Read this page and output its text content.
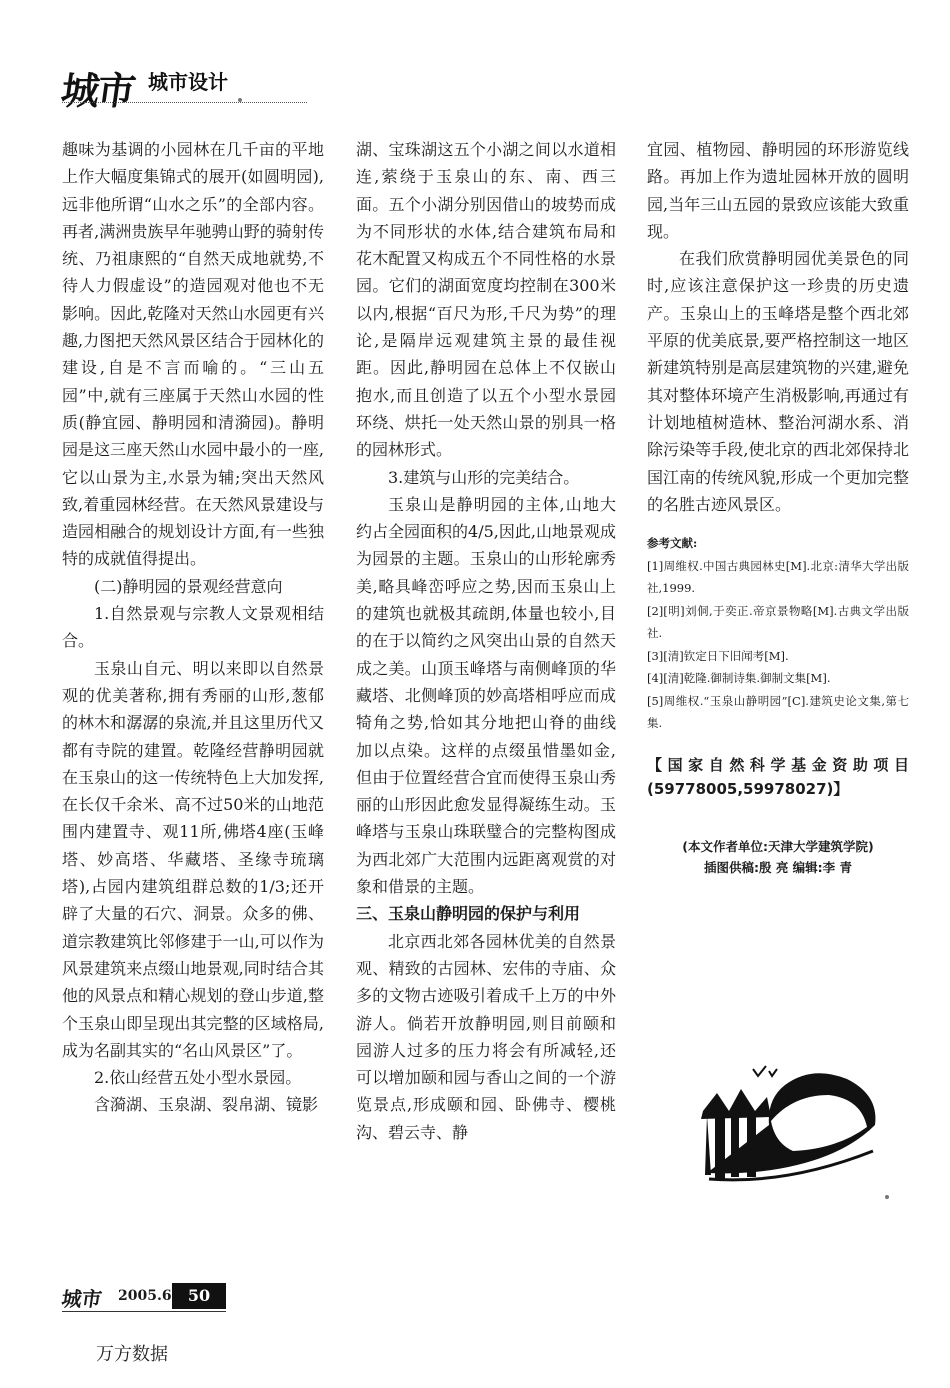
城市 城市设计

趣味为基调的小园林在几千亩的平地上作大幅度集锦式的展开(如圆明园),远非他所谓“山水之乐”的全部内容。再者,满洲贵族早年驰骋山野的骑射传统、乃祖康熙的“自然天成地就势,不待人力假虚设”的造园观对他也不无影响。因此,乾隆对天然山水园更有兴趣,力图把天然风景区结合于园林化的建设,自是不言而喻的。“三山五园”中,就有三座属于天然山水园的性质(静宜园、静明园和清漪园)。静明园是这三座天然山水园中最小的一座,它以山景为主,水景为辅;突出天然风致,着重园林经营。在天然风景建设与造园相融合的规划设计方面,有一些独特的成就值得提出。

(二)静明园的景观经营意向

1.自然景观与宗教人文景观相结合。

玉泉山自元、明以来即以自然景观的优美著称,拥有秀丽的山形,葱郁的林木和潺潺的泉流,并且这里历代又都有寺院的建置。乾隆经营静明园就在玉泉山的这一传统特色上大加发挥,在长仅千余米、高不过50米的山地范围内建置寺、观11所,佛塔4座(玉峰塔、妙高塔、华藏塔、圣缘寺琉璃塔),占园内建筑组群总数的1/3;还开辟了大量的石穴、洞景。众多的佛、道宗教建筑比邻修建于一山,可以作为风景建筑来点缀山地景观,同时结合其他的风景点和精心规划的登山步道,整个玉泉山即呈现出其完整的区域格局,成为名副其实的“名山风景区”了。

2.依山经营五处小型水景园。

含漪湖、玉泉湖、裂帛湖、镜影

湖、宝珠湖这五个小湖之间以水道相连,萦绕于玉泉山的东、南、西三面。五个小湖分别因借山的坡势而成为不同形状的水体,结合建筑布局和花木配置又构成五个不同性格的水景园。它们的湖面宽度均控制在300米以内,根据“百尺为形,千尺为势”的理论,是隔岸远观建筑主景的最佳视距。因此,静明园在总体上不仅嵌山抱水,而且创造了以五个小型水景园环绕、烘托一处天然山景的别具一格的园林形式。

3.建筑与山形的完美结合。

玉泉山是静明园的主体,山地大约占全园面积的4/5,因此,山地景观成为园景的主题。玉泉山的山形轮廓秀美,略具峰峦呼应之势,因而玉泉山上的建筑也就极其疏朗,体量也较小,目的在于以简约之风突出山景的自然天成之美。山顶玉峰塔与南侧峰顶的华藏塔、北侧峰顶的妙高塔相呼应而成犄角之势,恰如其分地把山脊的曲线加以点染。这样的点缀虽惜墨如金,但由于位置经营合宜而使得玉泉山秀丽的山形因此愈发显得凝练生动。玉峰塔与玉泉山珠联璧合的完整构图成为西北郊广大范围内远距离观赏的对象和借景的主题。

三、玉泉山静明园的保护与利用

北京西北郊各园林优美的自然景观、精致的古园林、宏伟的寺庙、众多的文物古迹吸引着成千上万的中外游人。倘若开放静明园,则目前颐和园游人过多的压力将会有所减轻,还可以增加颐和园与香山之间的一个游览景点,形成颐和园、卧佛寺、樱桃沟、碧云寺、静

宜园、植物园、静明园的环形游览线路。再加上作为遗址园林开放的圆明园,当年三山五园的景致应该能大致重现。

在我们欣赏静明园优美景色的同时,应该注意保护这一珍贵的历史遗产。玉泉山上的玉峰塔是整个西北郊平原的优美底景,要严格控制这一地区新建筑特别是高层建筑物的兴建,避免其对整体环境产生消极影响,再通过有计划地植树造林、整治河湖水系、消除污染等手段,使北京的西北郊保持北国江南的传统风貌,形成一个更加完整的名胜古迹风景区。

参考文献:
[1]周维权.中国古典园林史[M].北京:清华大学出版社,1999.
[2][明]刘侗,于奕正.帝京景物略[M].古典文学出版社.
[3][清]钦定日下旧闻考[M].
[4][清]乾隆.御制诗集.御制文集[M].
[5]周维权.“玉泉山静明园”[C].建筑史论文集,第七集.
【国家自然科学基金资助项目(59778005,59978027)】
(本文作者单位:天津大学建筑学院)
插图供稿:殷 亮 编辑:李 青
城市 2005.6	50
万方数据
